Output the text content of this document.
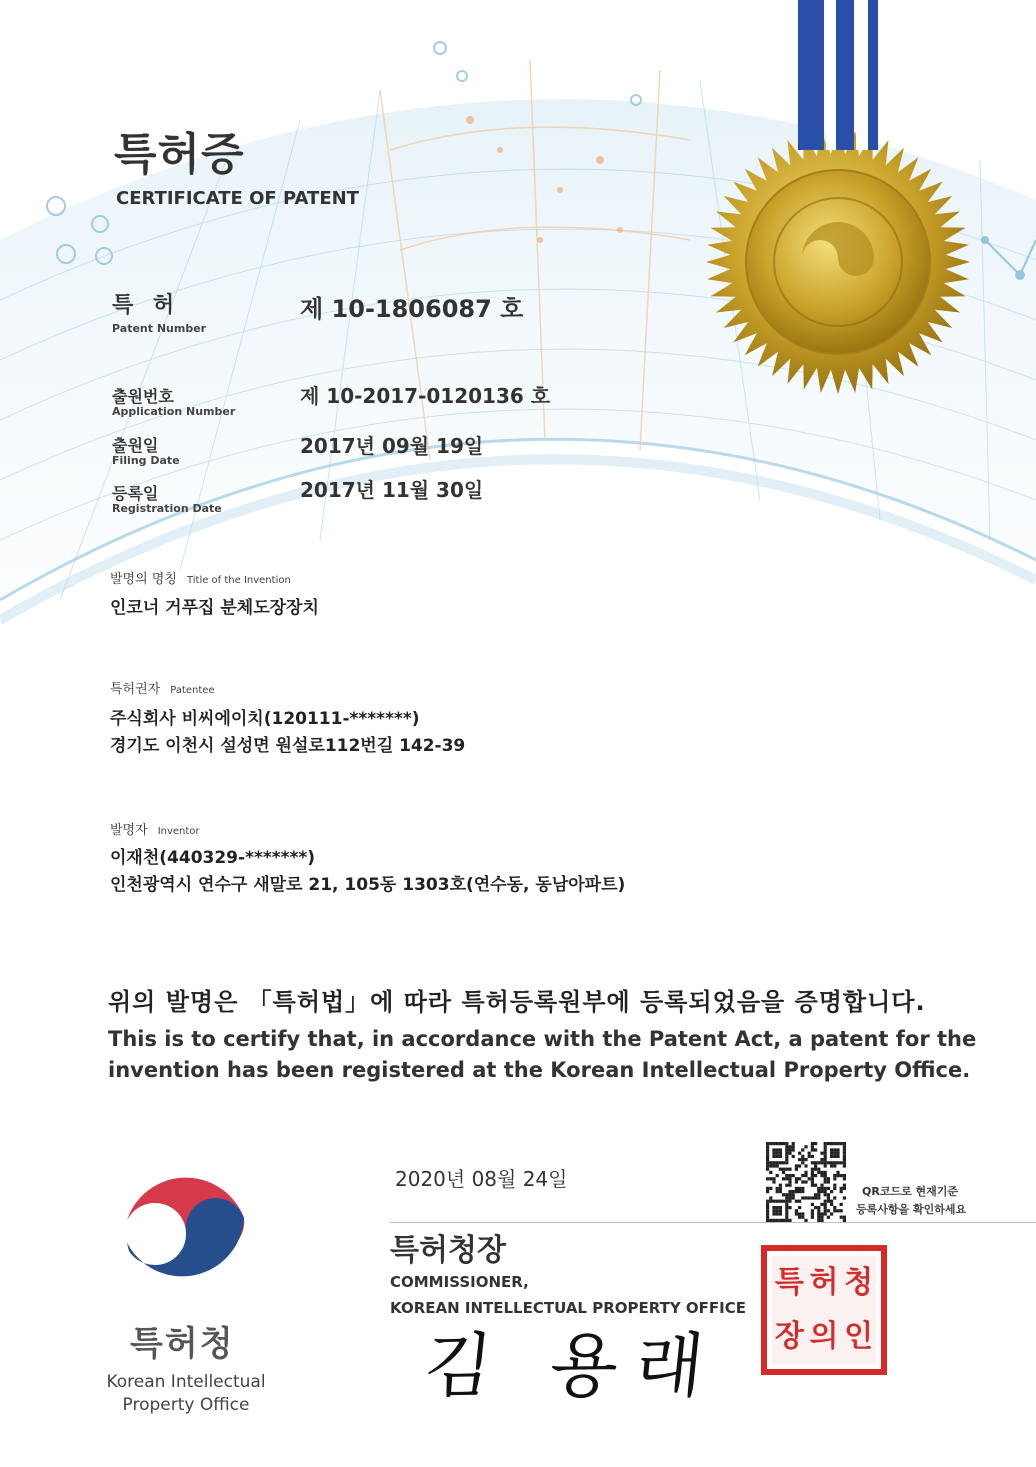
특허증
CERTIFICATE OF PATENT
특 허
Patent Number
제 10-1806087 호
출원번호
Application Number
제 10-2017-0120136 호
출원일
Filing Date
2017년 09월 19일
등록일
Registration Date
2017년 11월 30일
발명의 명칭 Title of the Invention
인코너 거푸집 분체도장장치
특허권자 Patentee
주식회사 비씨에이치(120111-*******)
경기도 이천시 설성면 원설로112번길 142-39
발명자 Inventor
이재천(440329-*******)
인천광역시 연수구 새말로 21, 105동 1303호(연수동, 동남아파트)
위의 발명은 「특허법」에 따라 특허등록원부에 등록되었음을 증명합니다.
This is to certify that, in accordance with the Patent Act, a patent for the
invention has been registered at the Korean Intellectual Property Office.
2020년 08월 24일
QR코드로 현재기준
등록사항을 확인하세요
특허청장
COMMISSIONER,
KOREAN INTELLECTUAL PROPERTY OFFICE
김 용래
특 허 청
장 의 인
특허청
Korean Intellectual
Property Office
